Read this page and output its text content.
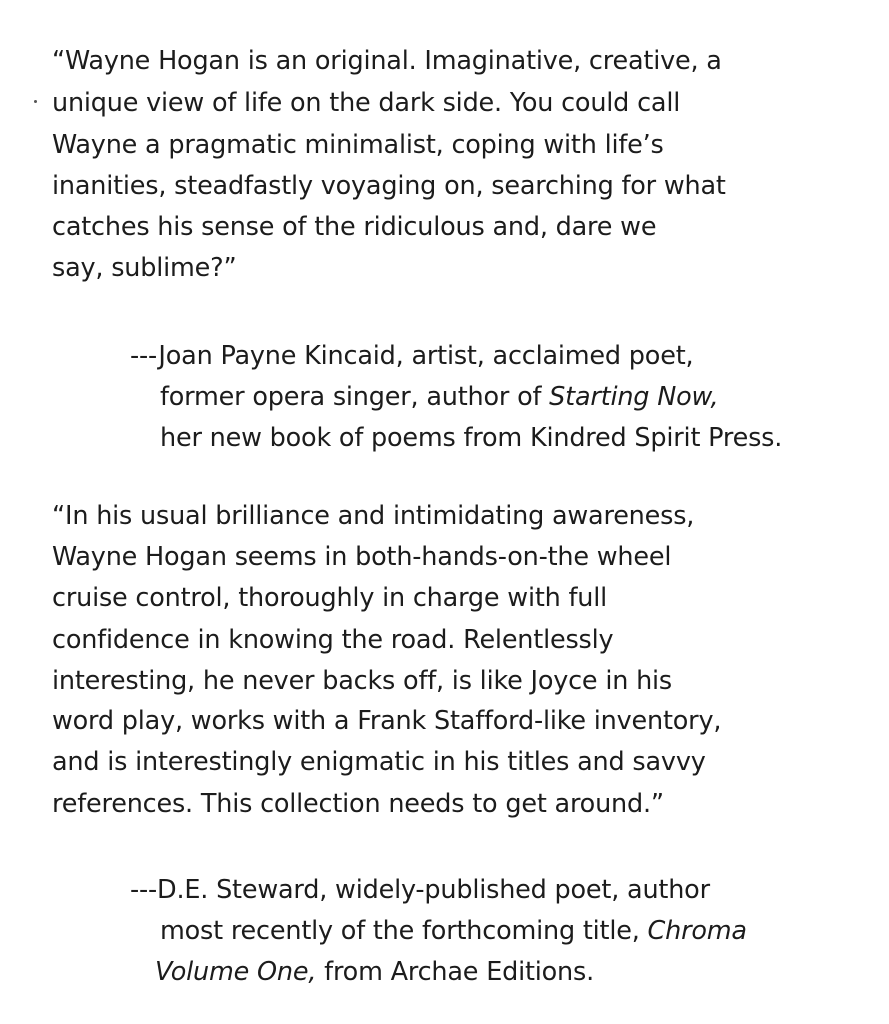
“Wayne Hogan is an original. Imaginative, creative, a
unique view of life on the dark side. You could call
Wayne a pragmatic minimalist, coping with life’s
inanities, steadfastly voyaging on, searching for what
catches his sense of the ridiculous and, dare we
say, sublime?”
---Joan Payne Kincaid, artist, acclaimed poet,
former opera singer, author of Starting Now,
her new book of poems from Kindred Spirit Press.
“In his usual brilliance and intimidating awareness,
Wayne Hogan seems in both-hands-on-the wheel
cruise control, thoroughly in charge with full
confidence in knowing the road. Relentlessly
interesting, he never backs off, is like Joyce in his
word play, works with a Frank Stafford-like inventory,
and is interestingly enigmatic in his titles and savvy
references. This collection needs to get around.”
---D.E. Steward, widely-published poet, author
most recently of the forthcoming title, Chroma
Volume One, from Archae Editions.
